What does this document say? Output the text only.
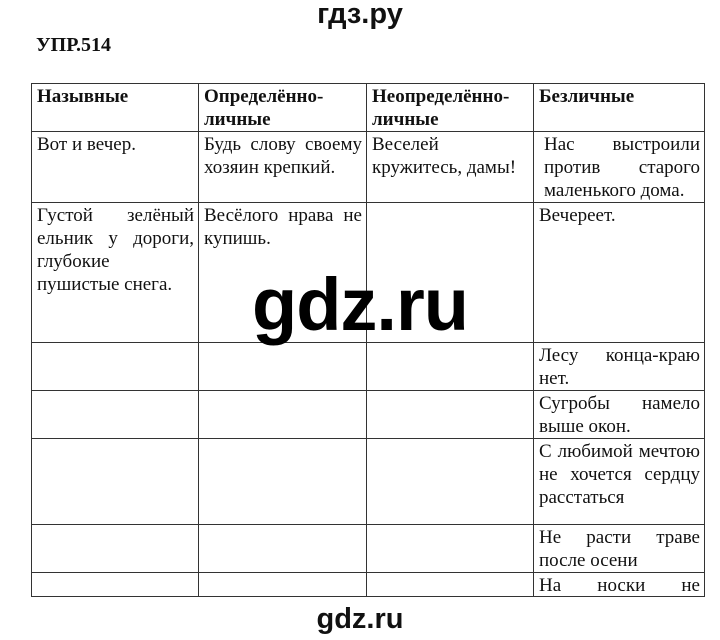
гдз.ру
УПР.514
Назывные	Определённо-личные	Неопределённо-личные	Безличные
Вот и вечер.	Будь слову своему хозяин крепкий.	Веселей кружитесь, дамы!	Нас выстроили против старого маленького дома.
Густой зелёный ельник у дороги, глубокие пушистые снега.	Весёлого нрава не купишь.		Вечереет.
			Лесу конца-краю нет.
			Сугробы намело выше окон.
			С любимой мечтою не хочется сердцу расстаться
			Не расти траве после осени

			На носки не
gdz.ru
gdz.ru
